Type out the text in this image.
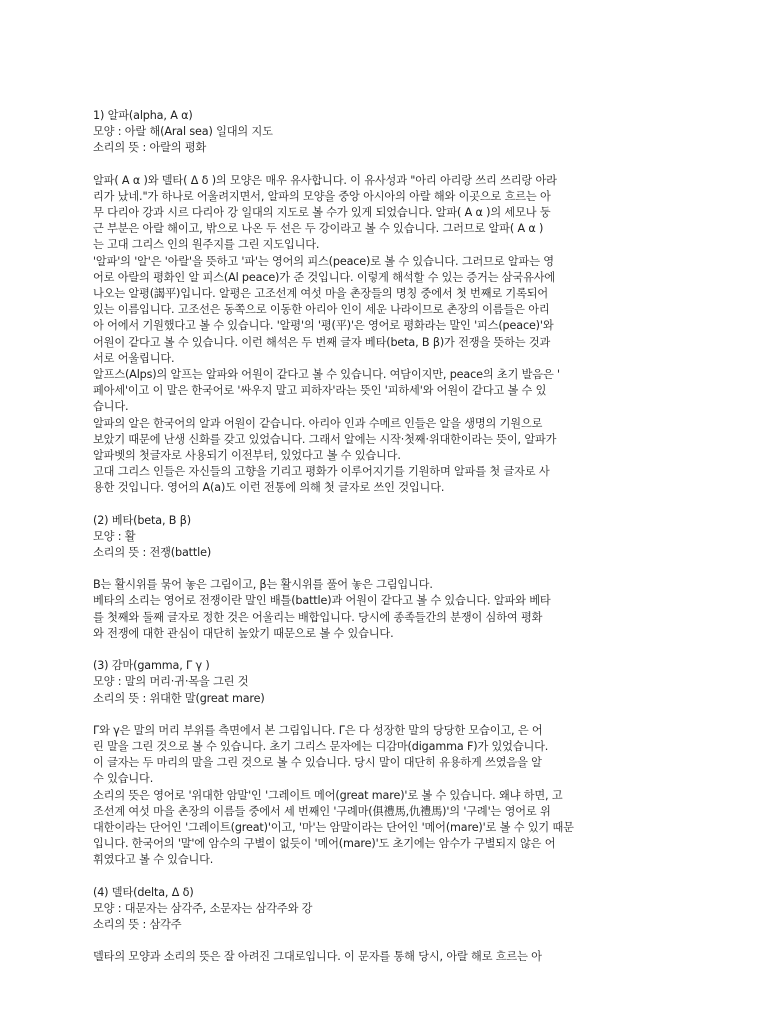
1) 알파(alpha, Α α)
모양 : 아랄 해(Aral sea) 일대의 지도
소리의 뜻 : 아랄의 평화
알파( Α α )와 델타( Δ δ )의 모양은 매우 유사합니다. 이 유사성과 "아리 아리랑 쓰리 쓰리랑 아라
리가 났네."가 하나로 어울려지면서, 알파의 모양을 중앙 아시아의 아랄 해와 이곳으로 흐르는 아
무 다리아 강과 시르 다리아 강 일대의 지도로 볼 수가 있게 되었습니다. 알파( Α α )의 세모나 둥
근 부분은 아랄 해이고, 밖으로 나온 두 선은 두 강이라고 볼 수 있습니다. 그러므로 알파( Α α )
는 고대 그리스 인의 원주지를 그린 지도입니다.
'알파'의 '알'은 '아랄'을 뜻하고 '파'는 영어의 피스(peace)로 볼 수 있습니다. 그러므로 알파는 영
어로 아랄의 평화인 알 피스(Al peace)가 준 것입니다. 이렇게 해석할 수 있는 증거는 삼국유사에
나오는 알평(謁平)입니다. 알평은 고조선계 여섯 마을 촌장들의 명칭 중에서 첫 번째로 기록되어
있는 이름입니다. 고조선은 동쪽으로 이동한 아리아 인이 세운 나라이므로 촌장의 이름들은 아리
아 어에서 기원했다고 볼 수 있습니다. '알평'의 '평(平)'은 영어로 평화라는 말인 '피스(peace)'와
어원이 같다고 볼 수 있습니다. 이런 해석은 두 번째 글자 베타(beta, Β β)가 전쟁을 뜻하는 것과
서로 어울립니다.
알프스(Alps)의 알프는 알파와 어원이 같다고 볼 수 있습니다. 여담이지만, peace의 초기 발음은 '
페아세'이고 이 말은 한국어로 '싸우지 말고 피하자'라는 뜻인 '피하세'와 어원이 같다고 볼 수 있
습니다.
알파의 알은 한국어의 알과 어원이 같습니다. 아리아 인과 수메르 인들은 알을 생명의 기원으로
보았기 때문에 난생 신화를 갖고 있었습니다. 그래서 알에는 시작·첫째·위대한이라는 뜻이, 알파가
알파벳의 첫글자로 사용되기 이전부터, 있었다고 볼 수 있습니다.
고대 그리스 인들은 자신들의 고향을 기리고 평화가 이루어지기를 기원하며 알파를 첫 글자로 사
용한 것입니다. 영어의 A(a)도 이런 전통에 의해 첫 글자로 쓰인 것입니다.
(2) 베타(beta, Β β)
모양 : 활
소리의 뜻 : 전쟁(battle)
Β는 활시위를 묶어 놓은 그림이고, β는 활시위를 풀어 놓은 그림입니다.
베타의 소리는 영어로 전쟁이란 말인 배틀(battle)과 어원이 같다고 볼 수 있습니다. 알파와 베타
를 첫째와 둘째 글자로 정한 것은 어울리는 배합입니다. 당시에 종족들간의 분쟁이 심하여 평화
와 전쟁에 대한 관심이 대단히 높았기 때문으로 볼 수 있습니다.
(3) 감마(gamma, Γ γ )
모양 : 말의 머리·귀·목을 그린 것
소리의 뜻 : 위대한 말(great mare)
Γ와 γ은 말의 머리 부위를 측면에서 본 그림입니다. Γ은 다 성장한 말의 당당한 모습이고, 은 어
린 말을 그린 것으로 볼 수 있습니다. 초기 그리스 문자에는 디감마(digamma Ϝ)가 있었습니다.
이 글자는 두 마리의 말을 그린 것으로 볼 수 있습니다. 당시 말이 대단히 유용하게 쓰였음을 알
수 있습니다.
소리의 뜻은 영어로 '위대한 암말'인 '그레이트 메어(great mare)'로 볼 수 있습니다. 왜냐 하면, 고
조선계 여섯 마을 촌장의 이름들 중에서 세 번째인 '구례마(俱禮馬,仇禮馬)'의 '구례'는 영어로 위
대한이라는 단어인 '그레이트(great)'이고, '마'는 암말이라는 단어인 '메어(mare)'로 볼 수 있기 때문
입니다. 한국어의 '말'에 암수의 구별이 없듯이 '메어(mare)'도 초기에는 암수가 구별되지 않은 어
휘였다고 볼 수 있습니다.
(4) 델타(delta, Δ δ)
모양 : 대문자는 삼각주, 소문자는 삼각주와 강
소리의 뜻 : 삼각주
델타의 모양과 소리의 뜻은 잘 아려진 그대로입니다. 이 문자를 통해 당시, 아랄 해로 흐르는 아
